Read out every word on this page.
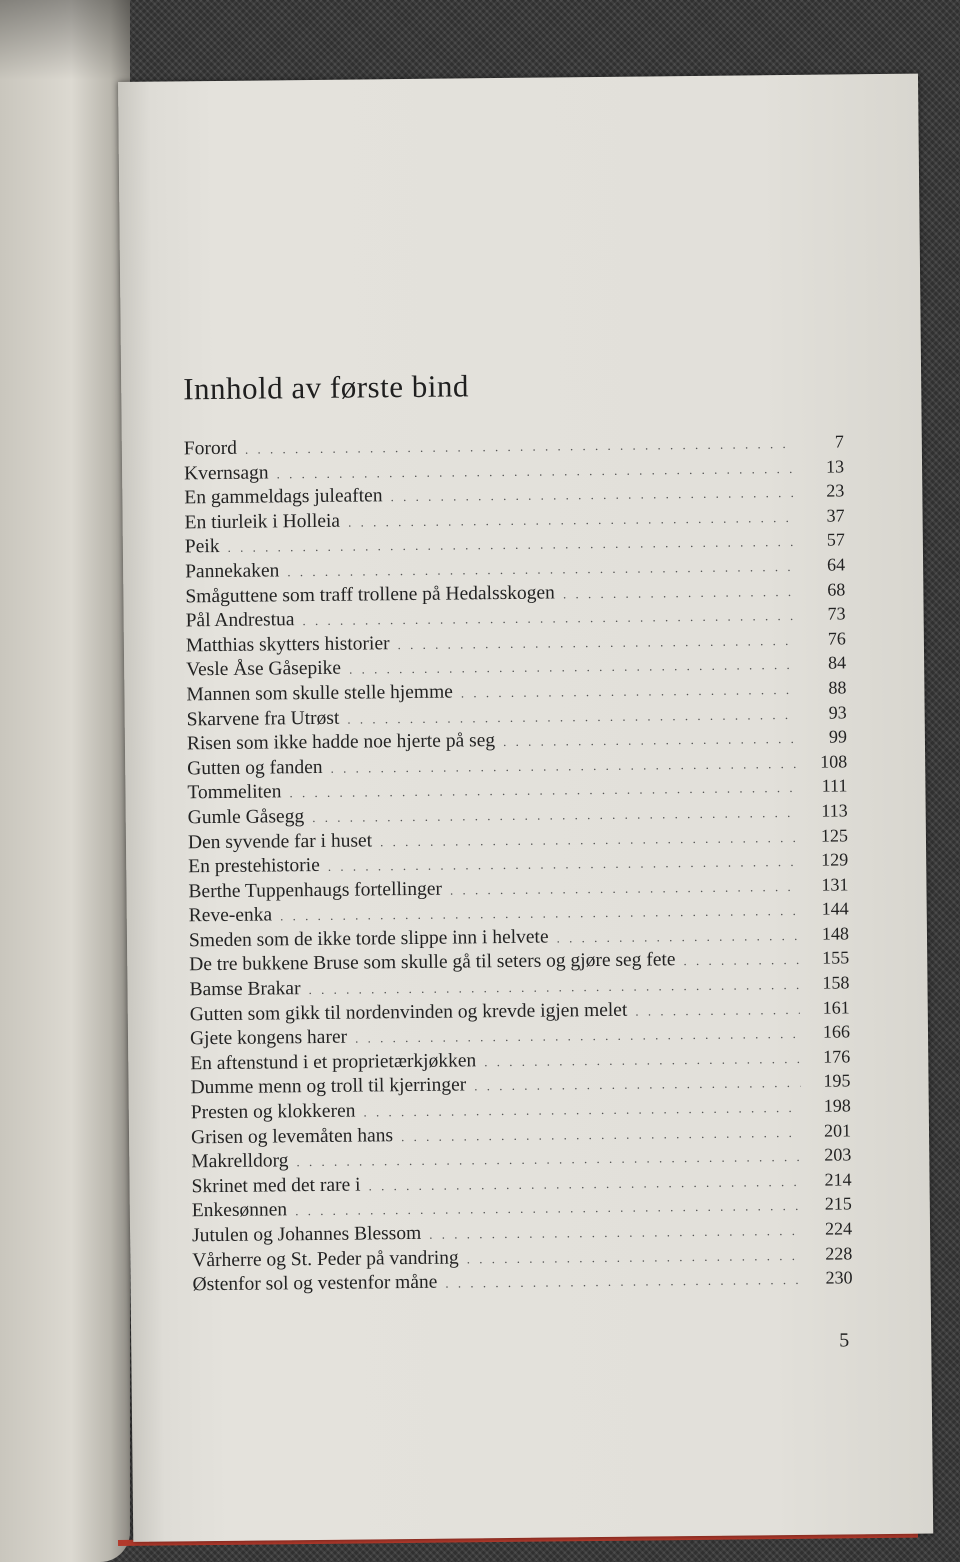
Innhold av første bind
Forord . . .	7
Kvernsagn . . .	13
En gammeldags juleaften . . .	23
En tiurleik i Holleia . . .	37
Peik . . .	57
Pannekaken . . .	64
Småguttene som traff trollene på Hedalsskogen . . .	68
Pål Andrestua . . .	73
Matthias skytters historier . . .	76
Vesle Åse Gåsepike . . .	84
Mannen som skulle stelle hjemme . . .	88
Skarvene fra Utrøst . . .	93
Risen som ikke hadde noe hjerte på seg . . .	99
Gutten og fanden . . .	108
Tommeliten . . .	111
Gumle Gåsegg . . .	113
Den syvende far i huset . . .	125
En prestehistorie . . .	129
Berthe Tuppenhaugs fortellinger . . .	131
Reve-enka . . .	144
Smeden som de ikke torde slippe inn i helvete . . .	148
De tre bukkene Bruse som skulle gå til seters og gjøre seg fete . . .	155
Bamse Brakar . . .	158
Gutten som gikk til nordenvinden og krevde igjen melet . . .	161
Gjete kongens harer . . .	166
En aftenstund i et proprietærkjøkken . . .	176
Dumme menn og troll til kjerringer . . .	195
Presten og klokkeren . . .	198
Grisen og levemåten hans . . .	201
Makrelldorg . . .	203
Skrinet med det rare i . . .	214
Enkesønnen . . .	215
Jutulen og Johannes Blessom . . .	224
Vårherre og St. Peder på vandring . . .	228
Østenfor sol og vestenfor måne . . .	230
5
